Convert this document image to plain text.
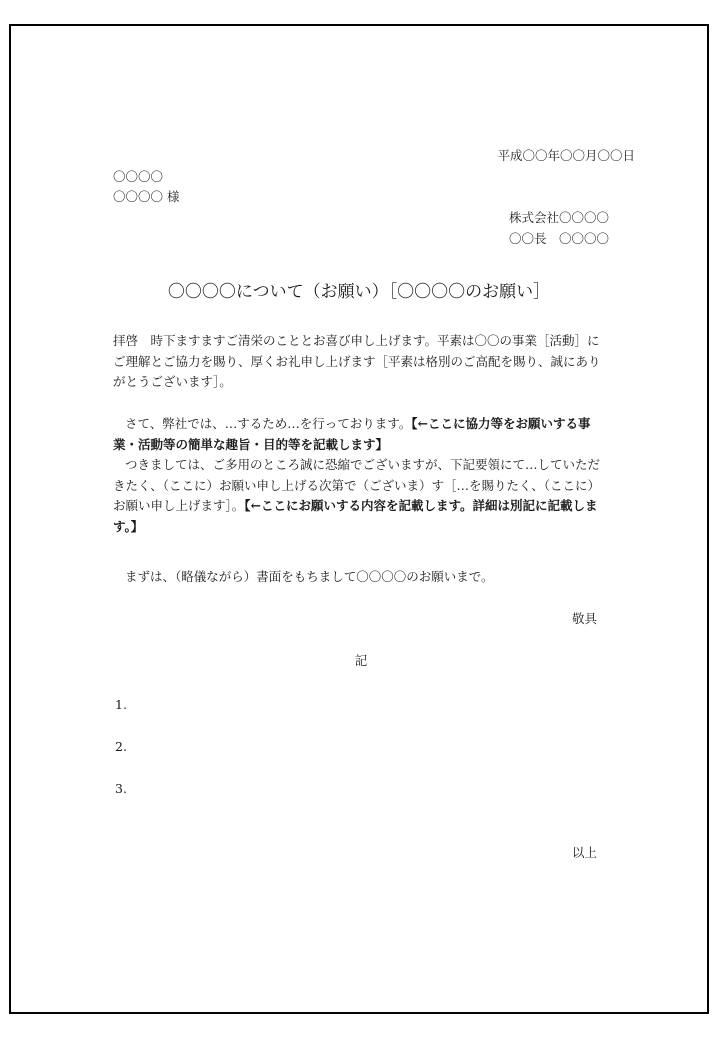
平成〇〇年〇〇月〇〇日
〇〇〇〇
〇〇〇〇 様
株式会社〇〇〇〇
〇〇長　〇〇〇〇
〇〇〇〇について（お願い）［〇〇〇〇のお願い］
拝啓　時下ますますご清栄のこととお喜び申し上げます。平素は〇〇の事業［活動］にご理解とご協力を賜り、厚くお礼申し上げます［平素は格別のご高配を賜り、誠にありがとうございます］。
さて、弊社では、…するため…を行っております。【←ここに協力等をお願いする事業・活動等の簡単な趣旨・目的等を記載します】
つきましては、ご多用のところ誠に恐縮でございますが、下記要領にて…していただきたく、（ここに）お願い申し上げる次第で（ございま）す［…を賜りたく、（ここに）お願い申し上げます］。【←ここにお願いする内容を記載します。詳細は別記に記載します。】
まずは、（略儀ながら）書面をもちまして〇〇〇〇のお願いまで。
敬具
記
1.
2.
3.
以上
